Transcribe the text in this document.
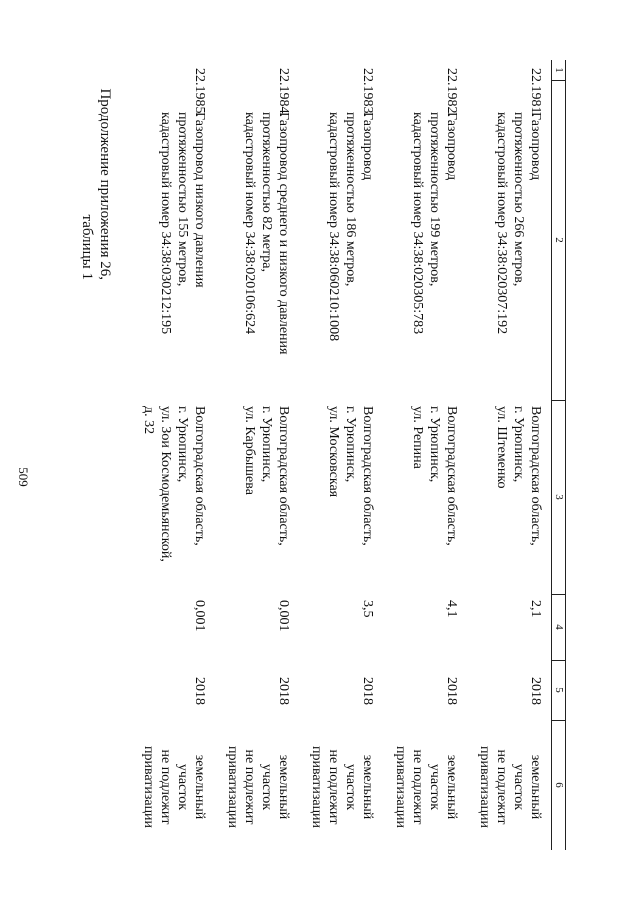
509
Продолжение приложения 26, таблицы 1
1
2
3
4
5
6
22.1981.
Газопровод
протяженностью 266 метров,
кадастровый номер 34:38:020307:192
Волгоградская область,
г. Урюпинск,
ул. Штеменко
2,1
2018
земельный
участок
не подлежит
приватизации
22.1982.
Газопровод
протяженностью 199 метров,
кадастровый номер 34:38:020305:783
Волгоградская область,
г. Урюпинск,
ул. Репина
4,1
2018
земельный
участок
не подлежит
приватизации
22.1983.
Газопровод
протяженностью 186 метров,
кадастровый номер 34:38:060210:1008
Волгоградская область,
г. Урюпинск,
ул. Московская
3,5
2018
земельный
участок
не подлежит
приватизации
22.1984.
Газопровод среднего и низкого давления
протяженностью 82 метра,
кадастровый номер 34:38:020106:624
Волгоградская область,
г. Урюпинск,
ул. Карбышева
0,001
2018
земельный
участок
не подлежит
приватизации
22.1985.
Газопровод низкого давления
протяженностью 155 метров,
кадастровый номер 34:38:030212:195
Волгоградская область,
г. Урюпинск,
ул. Зои Космодемьянской,
д. 32
0,001
2018
земельный
участок
не подлежит
приватизации
